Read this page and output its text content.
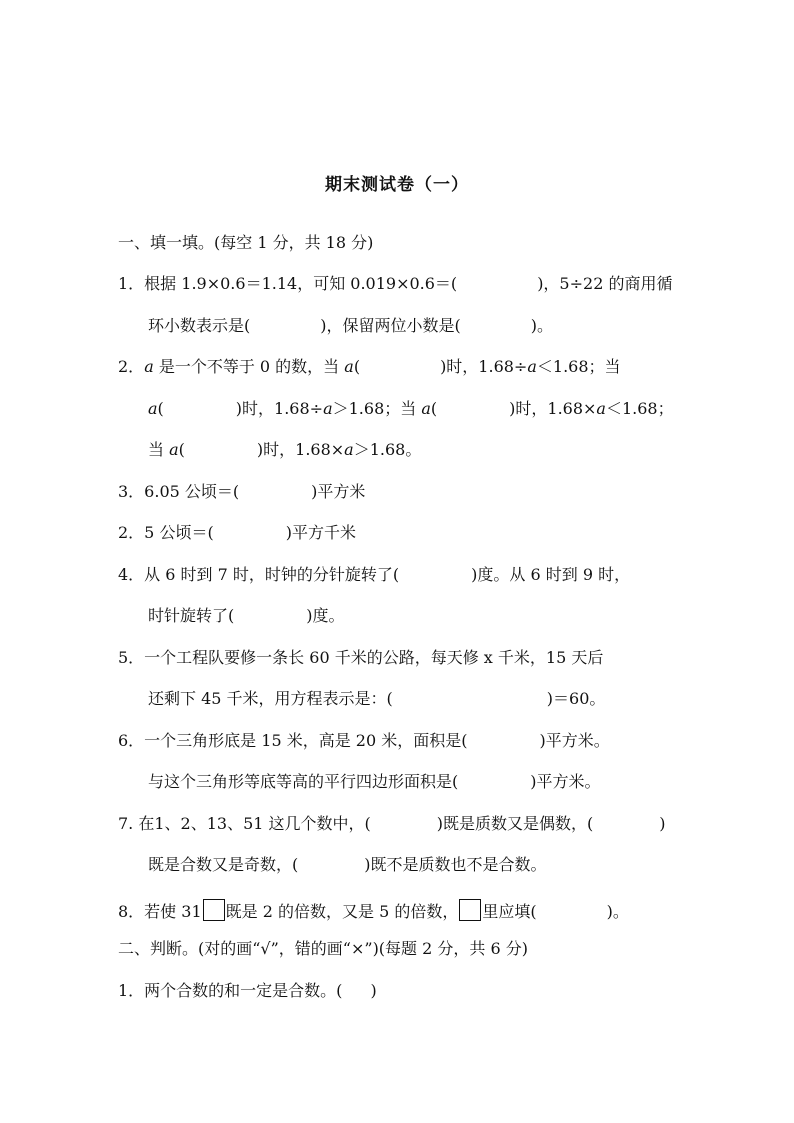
期末测试卷（一）
一、填一填。(每空 1 分，共 18 分)
1．根据 1.9×0.6＝1.14，可知 0.019×0.6＝(	)，5÷22 的商用循
环小数表示是(	)，保留两位小数是(	)。
2．a 是一个不等于 0 的数，当 a(	)时，1.68÷a＜1.68；当
a(	)时，1.68÷a＞1.68；当 a(	)时，1.68×a＜1.68；
当 a(	)时，1.68×a＞1.68。
3．6.05 公顷＝(	)平方米
2．5 公顷＝(	)平方千米
4．从 6 时到 7 时，时钟的分针旋转了(	)度。从 6 时到 9 时，
时针旋转了(	)度。
5．一个工程队要修一条长 60 千米的公路，每天修 x 千米，15 天后
还剩下 45 千米，用方程表示是：(	)＝60。
6．一个三角形底是 15 米，高是 20 米，面积是(	)平方米。
与这个三角形等底等高的平行四边形面积是(	)平方米。
7. 在1、2、13、51 这几个数中，(	)既是质数又是偶数，(	)
既是合数又是奇数，(	)既不是质数也不是合数。
8．若使 31 既是 2 的倍数，又是 5 的倍数， 里应填(	)。
二、判断。(对的画“√”，错的画“×”)(每题 2 分，共 6 分)
1．两个合数的和一定是合数。( )
